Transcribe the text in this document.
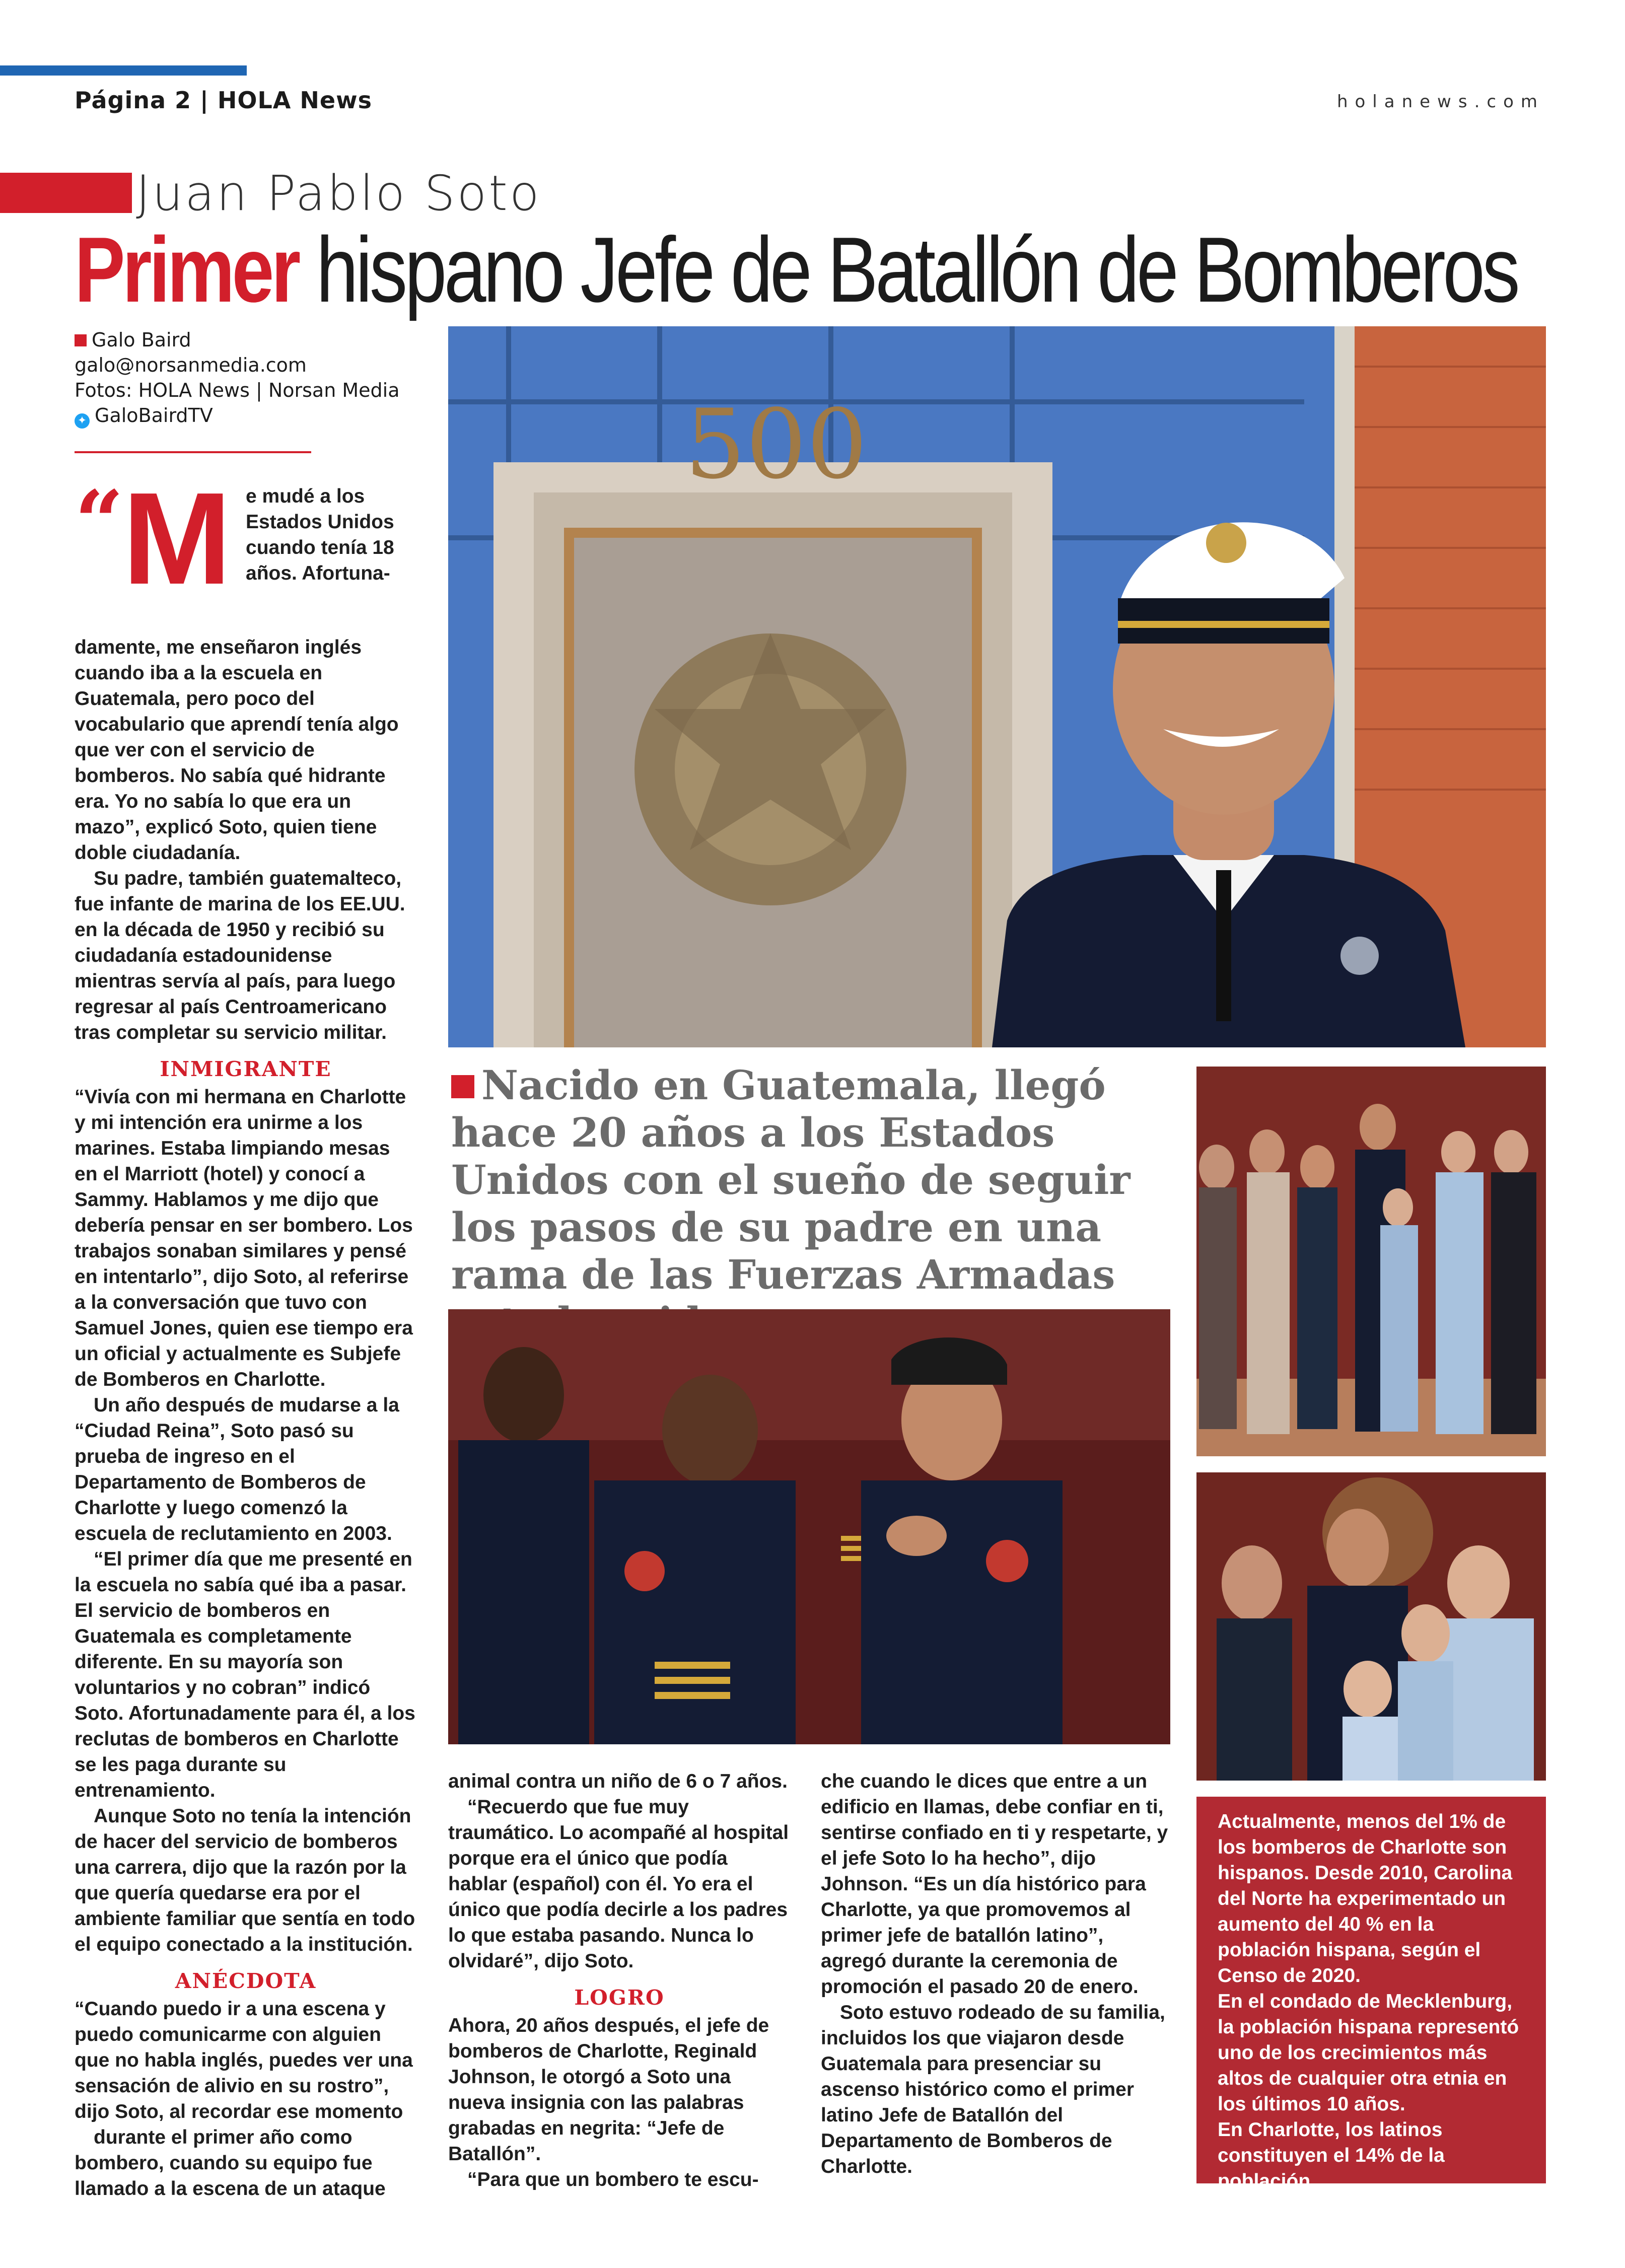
Página 2 | HOLA News	holanews.com
Juan Pablo Soto
Primer hispano Jefe de Batallón de Bomberos
Galo Baird
galo@norsanmedia.com
Fotos: HOLA News | Norsan Media
✦ GaloBairdTV
“
M e mudé a los Estados Unidos cuando tenía 18 años. Afortuna-

damente, me enseñaron inglés cuando iba a la escuela en Guatemala, pero poco del vocabulario que aprendí tenía algo que ver con el servicio de bomberos. No sabía qué hidrante era. Yo no sabía lo que era un mazo”, explicó Soto, quien tiene doble ciudadanía.

Su padre, también guatemalteco, fue infante de marina de los EE.UU. en la década de 1950 y recibió su ciudadanía estadounidense mientras servía al país, para luego regresar al país Centroamericano tras completar su servicio militar.

INMIGRANTE

“Vivía con mi hermana en Charlotte y mi intención era unirme a los marines. Estaba limpiando mesas en el Marriott (hotel) y conocí a Sammy. Hablamos y me dijo que debería pensar en ser bombero. Los trabajos sonaban similares y pensé en intentarlo”, dijo Soto, al referirse a la conversación que tuvo con Samuel Jones, quien ese tiempo era un oficial y actualmente es Subjefe de Bomberos en Charlotte.

Un año después de mudarse a la “Ciudad Reina”, Soto pasó su prueba de ingreso en el Departamento de Bomberos de Charlotte y luego comenzó la escuela de reclutamiento en 2003.

“El primer día que me presenté en la escuela no sabía qué iba a pasar. El servicio de bomberos en Guatemala es completamente diferente. En su mayoría son voluntarios y no cobran” indicó Soto. Afortunadamente para él, a los reclutas de bomberos en Charlotte se les paga durante su entrenamiento.

Aunque Soto no tenía la intención de hacer del servicio de bomberos una carrera, dijo que la razón por la que quería quedarse era por el ambiente familiar que sentía en todo el equipo conectado a la institución.

ANÉCDOTA

“Cuando puedo ir a una escena y puedo comunicarme con alguien que no habla inglés, puedes ver una sensación de alivio en su rostro”, dijo Soto, al recordar ese momento

durante el primer año como bombero, cuando su equipo fue llamado a la escena de un ataque

animal contra un niño de 6 o 7 años.

“Recuerdo que fue muy traumático. Lo acompañé al hospital porque era el único que podía hablar (español) con él. Yo era el único que podía decirle a los padres lo que estaba pasando. Nunca lo olvidaré”, dijo Soto.

LOGRO

Ahora, 20 años después, el jefe de bomberos de Charlotte, Reginald Johnson, le otorgó a Soto una nueva insignia con las palabras grabadas en negrita: “Jefe de Batallón”.

“Para que un bombero te escu-

che cuando le dices que entre a un edificio en llamas, debe confiar en ti, sentirse confiado en ti y respetarte, y el jefe Soto lo ha hecho”, dijo Johnson. “Es un día histórico para Charlotte, ya que promovemos al primer jefe de batallón latino”, agregó durante la ceremonia de promoción el pasado 20 de enero.

Soto estuvo rodeado de su familia, incluidos los que viajaron desde Guatemala para presenciar su ascenso histórico como el primer latino Jefe de Batallón del Departamento de Bomberos de Charlotte.

500
Nacido en Guatemala, llegó hace 20 años a los Estados Unidos con el sueño de seguir los pasos de su padre en una rama de las Fuerzas Armadas

Actualmente, menos del 1% de los bomberos de Charlotte son hispanos. Desde 2010, Carolina del Norte ha experimentado un aumento del 40 % en la población hispana, según el Censo de 2020.

En el condado de Mecklenburg, la población hispana representó uno de los crecimientos más altos de cualquier otra etnia en los últimos 10 años.

En Charlotte, los latinos constituyen el 14% de la población.
